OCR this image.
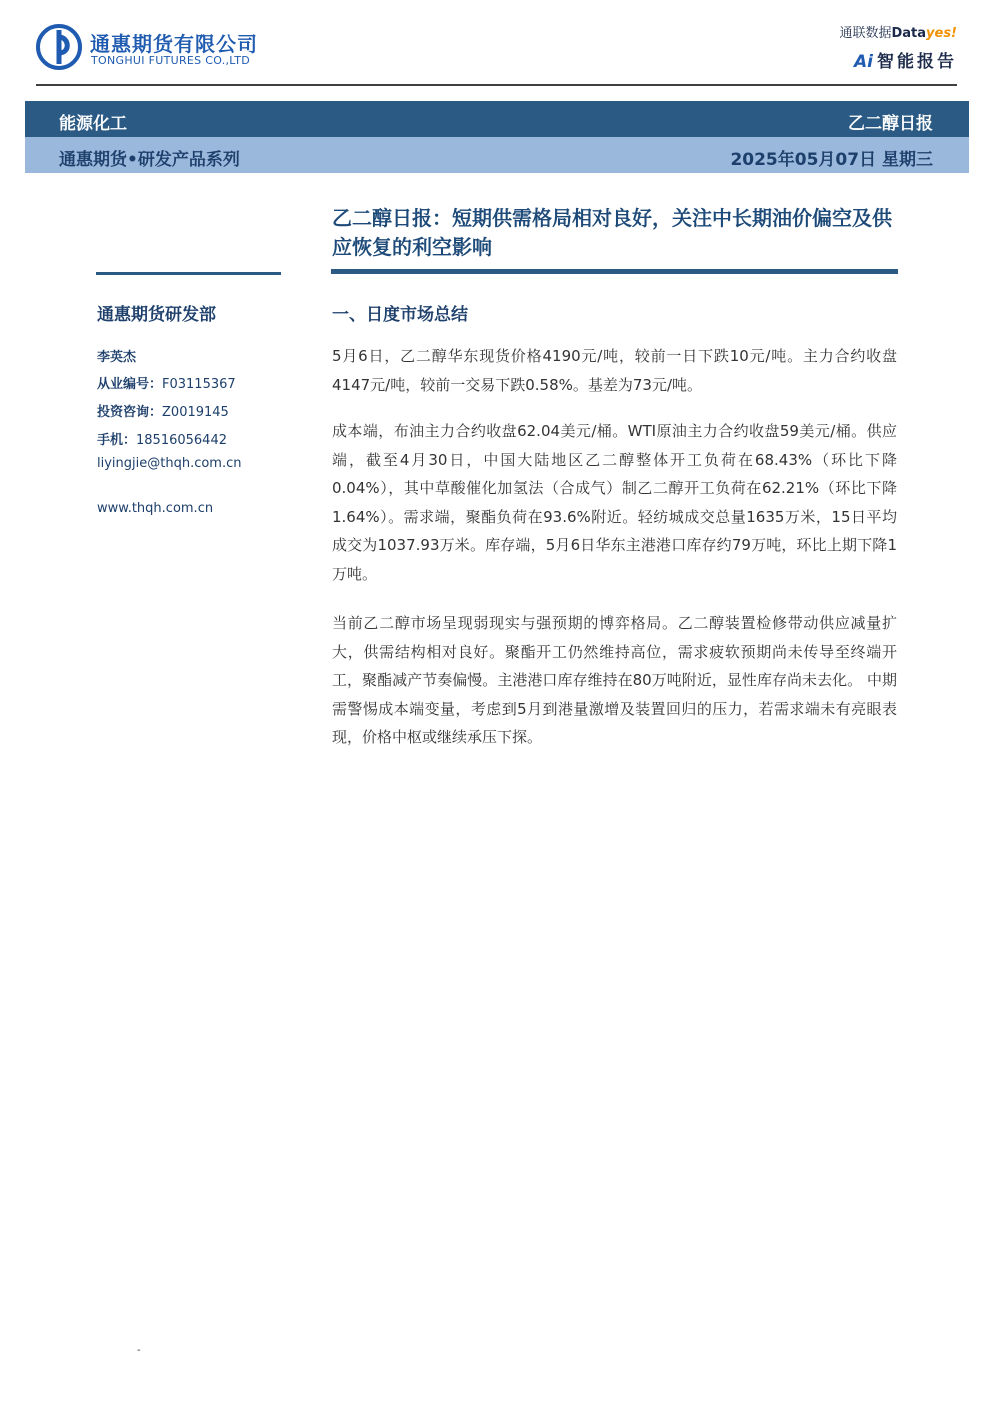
通惠期货有限公司
TONGHUI FUTURES CO.,LTD
通联数据Datayes!
Ai 智能报告
能源化工	乙二醇日报
通惠期货•研发产品系列	2025年05月07日 星期三
乙二醇日报：短期供需格局相对良好，关注中长期油价偏空及供应恢复的利空影响
通惠期货研发部
李英杰
从业编号：F03115367
投资咨询：Z0019145
手机：18516056442
liyingjie@thqh.com.cn
www.thqh.com.cn
一、日度市场总结

5月6日，乙二醇华东现货价格4190元/吨，较前一日下跌10元/吨。主力合约收盘4147元/吨，较前一交易下跌0.58%。基差为73元/吨。

成本端，布油主力合约收盘62.04美元/桶。WTI原油主力合约收盘59美元/桶。供应端，截至4月30日，中国大陆地区乙二醇整体开工负荷在68.43%（环比下降0.04%），其中草酸催化加氢法（合成气）制乙二醇开工负荷在62.21%（环比下降1.64%）。需求端，聚酯负荷在93.6%附近。轻纺城成交总量1635万米，15日平均成交为1037.93万米。库存端，5月6日华东主港港口库存约79万吨，环比上期下降1万吨。

当前乙二醇市场呈现弱现实与强预期的博弈格局。乙二醇装置检修带动供应减量扩大，供需结构相对良好。聚酯开工仍然维持高位，需求疲软预期尚未传导至终端开工，聚酯减产节奏偏慢。主港港口库存维持在80万吨附近，显性库存尚未去化。 中期需警惕成本端变量，考虑到5月到港量激增及装置回归的压力，若需求端未有亮眼表现，价格中枢或继续承压下探。

-
